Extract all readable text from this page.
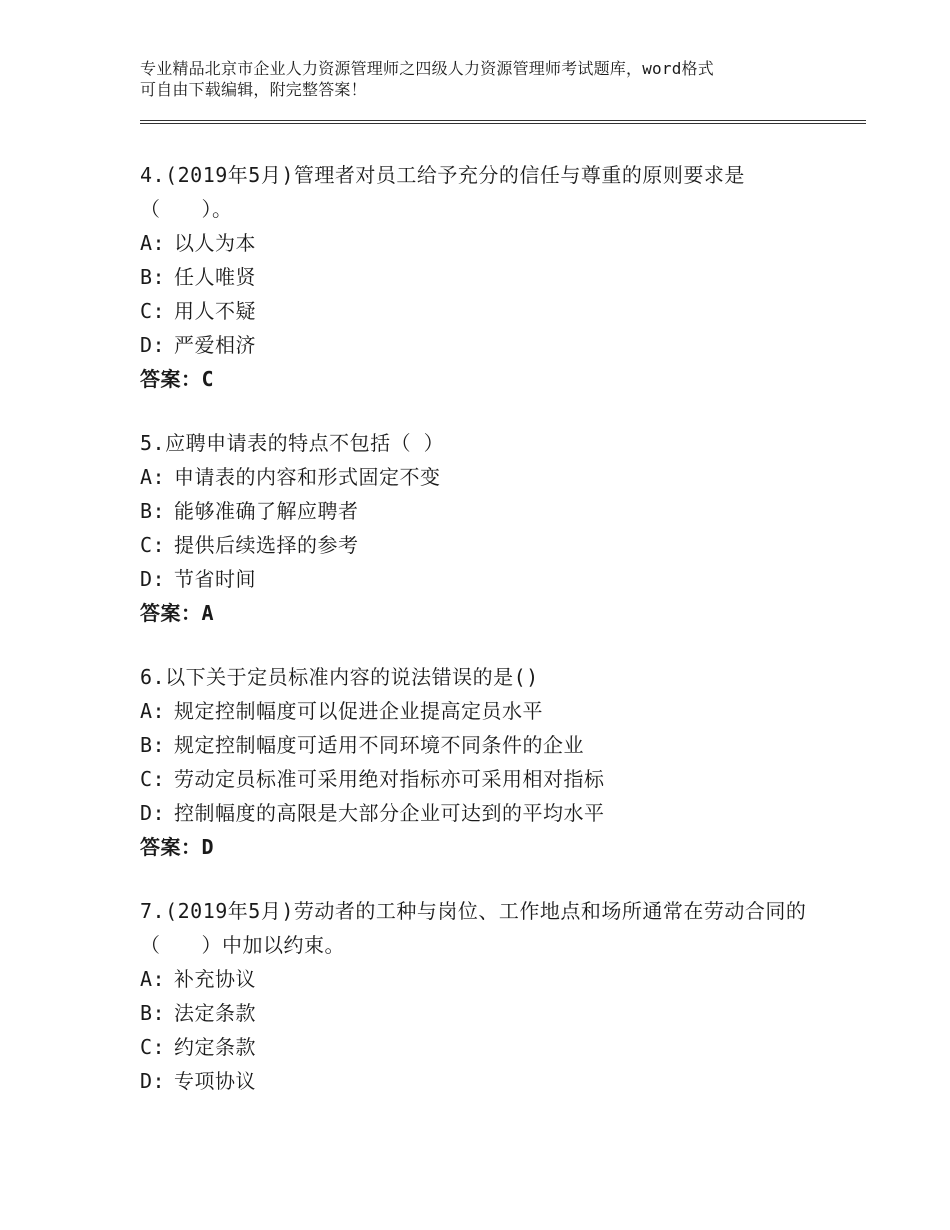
专业精品北京市企业人力资源管理师之四级人力资源管理师考试题库，word格式
可自由下载编辑，附完整答案！
4.(2019年5月)管理者对员工给予充分的信任与尊重的原则要求是（　　）。
A: 以人为本
B: 任人唯贤
C: 用人不疑
D: 严爱相济
答案：C
5.应聘申请表的特点不包括（ ）
A: 申请表的内容和形式固定不变
B: 能够准确了解应聘者
C: 提供后续选择的参考
D: 节省时间
答案：A
6.以下关于定员标准内容的说法错误的是()
A: 规定控制幅度可以促进企业提高定员水平
B: 规定控制幅度可适用不同环境不同条件的企业
C: 劳动定员标准可采用绝对指标亦可采用相对指标
D: 控制幅度的高限是大部分企业可达到的平均水平
答案：D
7.(2019年5月)劳动者的工种与岗位、工作地点和场所通常在劳动合同的（　　）中加以约束。
A: 补充协议
B: 法定条款
C: 约定条款
D: 专项协议
